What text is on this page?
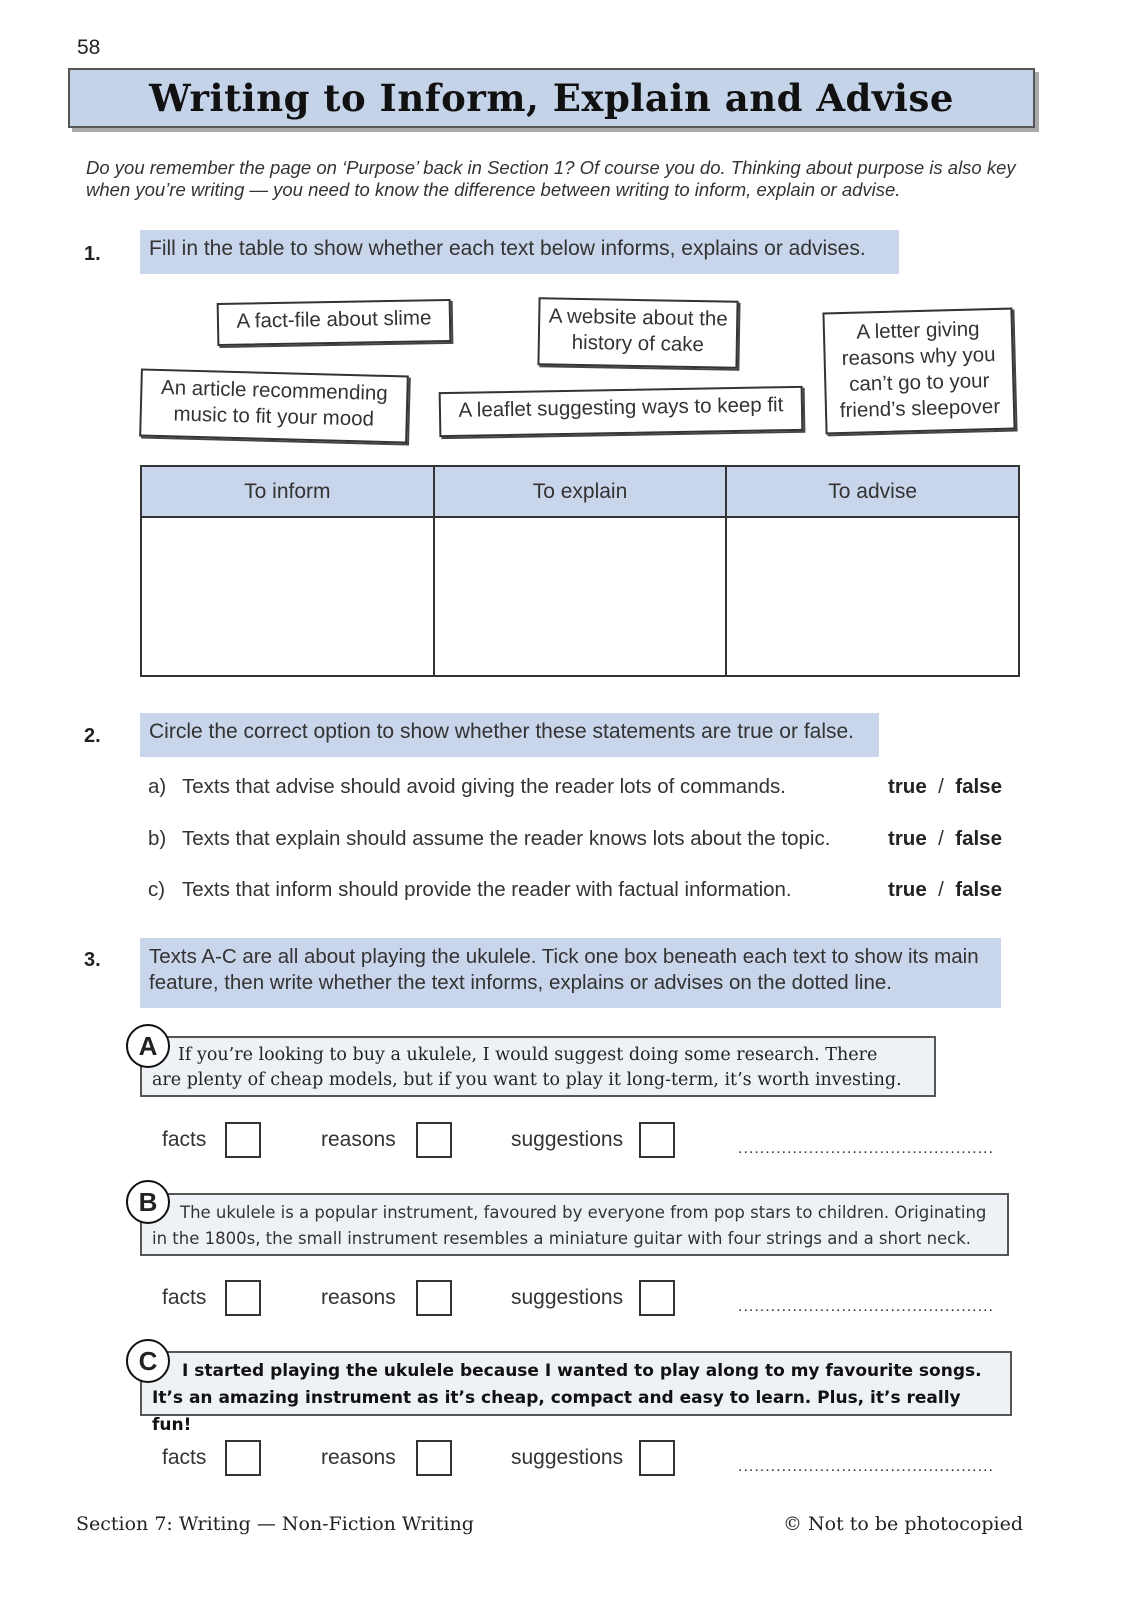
58
Writing to Inform, Explain and Advise
Do you remember the page on ‘Purpose’ back in Section 1? Of course you do. Thinking about purpose is also key when you’re writing — you need to know the difference between writing to inform, explain or advise.
1.	Fill in the table to show whether each text below informs, explains or advises.
A fact-file about slime	A website about the history of cake	A letter giving reasons why you can’t go to your friend’s sleepover
An article recommending music to fit your mood	A leaflet suggesting ways to keep fit
To inform	To explain	To advise

2.	Circle the correct option to show whether these statements are true or false.
a) Texts that advise should avoid giving the reader lots of commands.	true / false
b) Texts that explain should assume the reader knows lots about the topic.	true / false
c) Texts that inform should provide the reader with factual information.	true / false
3.	Texts A-C are all about playing the ukulele. Tick one box beneath each text to show its main feature, then write whether the text informs, explains or advises on the dotted line.
If you’re looking to buy a ukulele, I would suggest doing some research. There
are plenty of cheap models, but if you want to play it long-term, it’s worth investing.
A
facts	reasons	suggestions	...............................................
The ukulele is a popular instrument, favoured by everyone from pop stars to children. Originating
in the 1800s, the small instrument resembles a miniature guitar with four strings and a short neck.
B
facts	reasons	suggestions	...............................................
I started playing the ukulele because I wanted to play along to my favourite songs.
It’s an amazing instrument as it’s cheap, compact and easy to learn. Plus, it’s really fun!
C
facts	reasons	suggestions	...............................................
Section 7: Writing — Non-Fiction Writing	© Not to be photocopied
